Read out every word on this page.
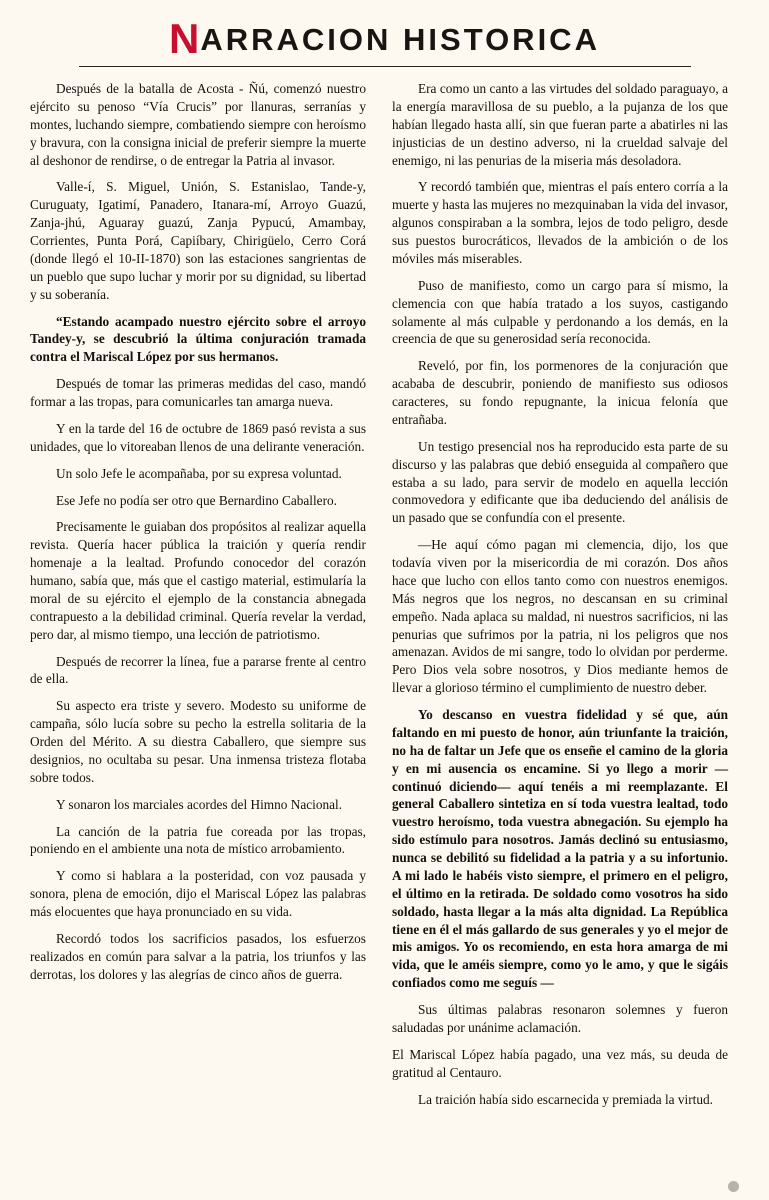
NARRACION HISTORICA

Después de la batalla de Acosta - Ñú, comenzó nuestro ejército su penoso “Vía Crucis” por llanuras, serranías y montes, luchando siempre, combatiendo siempre con heroísmo y bravura, con la consigna inicial de preferir siempre la muerte al deshonor de rendirse, o de entregar la Patria al invasor.

Valle-í, S. Miguel, Unión, S. Estanislao, Tande-y, Curuguaty, Igatimí, Panadero, Itanara-mí, Arroyo Guazú, Zanja-jhú, Aguaray guazú, Zanja Pypucú, Amambay, Corrientes, Punta Porá, Capiíbary, Chirigüelo, Cerro Corá (donde llegó el 10-II-1870) son las estaciones sangrientas de un pueblo que supo luchar y morir por su dignidad, su libertad y su soberanía.

“Estando acampado nuestro ejército sobre el arroyo Tandey-y, se descubrió la última conjuración tramada contra el Mariscal López por sus hermanos.

Después de tomar las primeras medidas del caso, mandó formar a las tropas, para comunicarles tan amarga nueva.

Y en la tarde del 16 de octubre de 1869 pasó revista a sus unidades, que lo vitoreaban llenos de una delirante veneración.

Un solo Jefe le acompañaba, por su expresa voluntad.

Ese Jefe no podía ser otro que Bernardino Caballero.

Precisamente le guiaban dos propósitos al realizar aquella revista. Quería hacer pública la traición y quería rendir homenaje a la lealtad. Profundo conocedor del corazón humano, sabía que, más que el castigo material, estimularía la moral de su ejército el ejemplo de la constancia abnegada contrapuesto a la debilidad criminal. Quería revelar la verdad, pero dar, al mismo tiempo, una lección de patriotismo.

Después de recorrer la línea, fue a pararse frente al centro de ella.

Su aspecto era triste y severo. Modesto su uniforme de campaña, sólo lucía sobre su pecho la estrella solitaria de la Orden del Mérito. A su diestra Caballero, que siempre sus designios, no ocultaba su pesar. Una inmensa tristeza flotaba sobre todos.

Y sonaron los marciales acordes del Himno Nacional.

La canción de la patria fue coreada por las tropas, poniendo en el ambiente una nota de místico arrobamiento.

Y como si hablara a la posteridad, con voz pausada y sonora, plena de emoción, dijo el Mariscal López las palabras más elocuentes que haya pronunciado en su vida.

Recordó todos los sacrificios pasados, los esfuerzos realizados en común para salvar a la patria, los triunfos y las derrotas, los dolores y las alegrías de cinco años de guerra.

Era como un canto a las virtudes del soldado paraguayo, a la energía maravillosa de su pueblo, a la pujanza de los que habían llegado hasta allí, sin que fueran parte a abatirles ni las injusticias de un destino adverso, ni la crueldad salvaje del enemigo, ni las penurias de la miseria más desoladora.

Y recordó también que, mientras el país entero corría a la muerte y hasta las mujeres no mezquinaban la vida del invasor, algunos conspiraban a la sombra, lejos de todo peligro, desde sus puestos burocráticos, llevados de la ambición o de los móviles más miserables.

Puso de manifiesto, como un cargo para sí mismo, la clemencia con que había tratado a los suyos, castigando solamente al más culpable y perdonando a los demás, en la creencia de que su generosidad sería reconocida.

Reveló, por fin, los pormenores de la conjuración que acababa de descubrir, poniendo de manifiesto sus odiosos caracteres, su fondo repugnante, la inicua felonía que entrañaba.

Un testigo presencial nos ha reproducido esta parte de su discurso y las palabras que debió enseguida al compañero que estaba a su lado, para servir de modelo en aquella lección conmovedora y edificante que iba deduciendo del análisis de un pasado que se confundía con el presente.

—He aquí cómo pagan mi clemencia, dijo, los que todavía viven por la misericordia de mi corazón. Dos años hace que lucho con ellos tanto como con nuestros enemigos. Más negros que los negros, no descansan en su criminal empeño. Nada aplaca su maldad, ni nuestros sacrificios, ni las penurias que sufrimos por la patria, ni los peligros que nos amenazan. Avidos de mi sangre, todo lo olvidan por perderme. Pero Dios vela sobre nosotros, y Dios mediante hemos de llevar a glorioso término el cumplimiento de nuestro deber.

Yo descanso en vuestra fidelidad y sé que, aún faltando en mi puesto de honor, aún triunfante la traición, no ha de faltar un Jefe que os enseñe el camino de la gloria y en mi ausencia os encamine. Si yo llego a morir —continuó diciendo— aquí tenéis a mi reemplazante. El general Caballero sintetiza en sí toda vuestra lealtad, todo vuestro heroísmo, toda vuestra abnegación. Su ejemplo ha sido estímulo para nosotros. Jamás declinó su entusiasmo, nunca se debilitó su fidelidad a la patria y a su infortunio. A mi lado le habéis visto siempre, el primero en el peligro, el último en la retirada. De soldado como vosotros ha sido soldado, hasta llegar a la más alta dignidad. La República tiene en él el más gallardo de sus generales y yo el mejor de mis amigos. Yo os recomiendo, en esta hora amarga de mi vida, que le améis siempre, como yo le amo, y que le sigáis confiados como me seguís —

Sus últimas palabras resonaron solemnes y fueron saludadas por unánime aclamación.

El Mariscal López había pagado, una vez más, su deuda de gratitud al Centauro.

La traición había sido escarnecida y premiada la virtud.
